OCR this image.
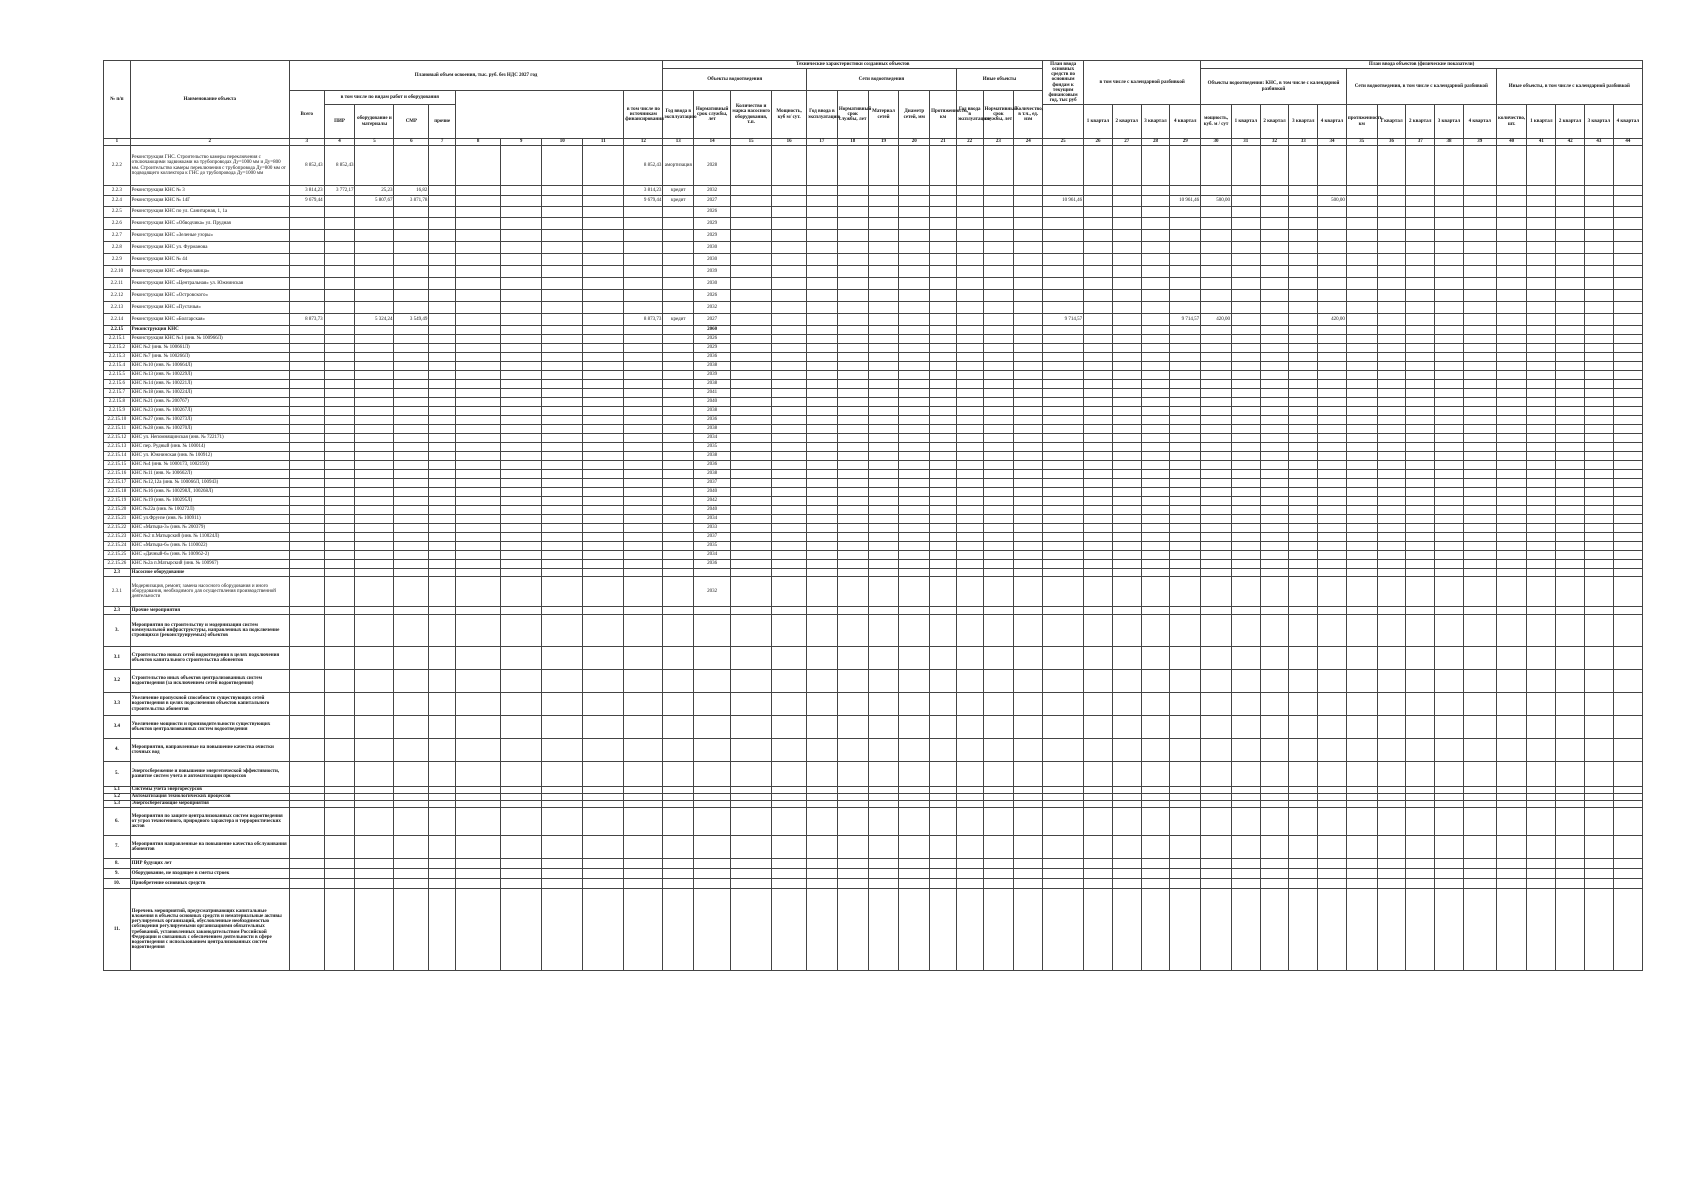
№ п/п	Наименование объекта	Плановый объем освоения, тыс. руб. без НДС 2027 год										Технические характеристики созданных объектов												План ввода основных средств по основным фондам к текущим финансовым год, тыс руб	в том числе с календарной разбивкой				План ввода объектов (физические показатели)														
												Объекты водоотведения				Сети водоотведения					Иные объекты								Объекты водоотведения: КНС, в том числе с календарной разбивкой					Сети водоотведения, в том числе с календарной разбивкой					Иные объекты, в том числе с календарной разбивкой				
		Всего	в том числе по видам работ и оборудования								в том числе по источникам финансирования	Год ввода в эксплуатацию	Нормативный срок службы, лет	Количество и марка насосного оборудования, т.п.	Мощность, куб м/ сут.	Год ввода в эксплуатацию	Нормативный срок службы, лет	Материал сетей	Диаметр сетей, мм	Протяженность, км	Год ввода в эксплуатацию	Нормативный срок службы, лет	Количество, в т.ч., ед. изм																				
			ПИР	оборудование и материалы	СМР	прочие																			1 квартал	2 квартал	3 квартал	4 квартал	мощность, куб. м / сут	1 квартал	2 квартал	3 квартал	4 квартал	протяженность, км	1 квартал	2 квартал	3 квартал	4 квартал	количество, шт.	1 квартал	2 квартал	3 квартал	4 квартал
1	2	3	4	5	6	7	8	9	10	11	12	13	14	15	16	17	18	19	20	21	22	23	24	25	26	27	28	29	30	31	32	33	34	35	36	37	38	39	40	41	42	43	44
2.2.2	Реконструкция ГНС. Строительство камеры переключения с отключающими задвижками на трубопроводах Ду=1000 мм и Ду=800 мм. Строительство камеры переключения с трубопровода Ду=800 мм от подводящего коллектора к ГНС до трубопровода Ду=1000 мм	8 852,43	8 852,43								8 852,43	амортизация	2028																														
2.2.3	Реконструкция КНС № 3	3 814,23	3 772,17	25,23	16,82						3 814,23	кредит	2032																														
2.2.4	Реконструкция КНС № 14Г	9 679,44		5 807,67	3 871,78						9 679,44	кредит	2027											10 961,46				10 961,46	500,00				500,00										
2.2.5	Реконструкция КНС по ул. Санитарная, 1, 1а												2026																														
2.2.6	Реконструкция КНС «Обводчика» ул. Прудная												2029																														
2.2.7	Реконструкция КНС «Зеленые узоры»												2029																														
2.2.8	Реконструкция КНС ул. Фурманова												2030																														
2.2.9	Реконструкция КНС № 44												2030																														
2.2.10	Реконструкция КНС «Ферролавица»												2039																														
2.2.11	Реконструкция КНС «Центральная» ул. Южнинская												2030																														
2.2.12	Реконструкция КНС «Островского»												2026																														
2.2.13	Реконструкция КНС «Пустачья»												2032																														
2.2.14	Реконструкция КНС «Болгарская»	8 873,73		5 324,24	3 549,49						8 873,73	кредит	2027											9 714,57				9 714,57	420,00				420,00										
2.2.15	Реконструкция КНС												2060																														
2.2.15.1	Реконструкция КНС №1 (инв. № 100966Л)												2026																														
2.2.15.2	КНС №2 (инв. № 100661Л)												2029																														
2.2.15.3	КНС №7 (инв. № 100266Л)												2036																														
2.2.15.4	КНС №10 (инв. № 100664Л)												2038																														
2.2.15.5	КНС №13 (инв. № 100229Л)												2039																														
2.2.15.6	КНС №14 (инв. № 100221Л)												2038																														
2.2.15.7	КНС №18 (инв. № 100224Л)												2041																														
2.2.15.8	КНС №21 (инв. № 200767)												2040																														
2.2.15.9	КНС №23 (инв. № 100267Л)												2038																														
2.2.15.10	КНС №27 (инв. № 100273Л)												2036																														
2.2.15.11	КНС №28 (инв. № 100270Л)												2038																														
2.2.15.12	КНС ул. Непомнящинская (инв. № 722171)												2034																														
2.2.15.13	КНС пер. Рудный (инв. № 100014)												2035																														
2.2.15.14	КНС ул. Южнинская (инв. № 100912)												2038																														
2.2.15.15	КНС №4 (инв. № 1000173, 1002193)												2036																														
2.2.15.16	КНС №11 (инв. № 100662Л)												2038																														
2.2.15.17	КНС №12,12а (инв. № 100066Л, 100943)												2037																														
2.2.15.18	КНС №16 (инв. № 100298Л, 100268Л)												2040																														
2.2.15.19	КНС №19 (инв. № 100295Л)												2042																														
2.2.15.20	КНС №22а (инв. № 100272Л)												2040																														
2.2.15.21	КНС ул.Фрунзе (инв. № 100911)												2034																														
2.2.15.22	КНС «Матыра-3» (инв. № 200379)												2033																														
2.2.15.23	КНС №2 п.Матырский (инв. № 110024Л)												2037																														
2.2.15.24	КНС «Матыра-6» (инв. № 1100022)												2035																														
2.2.15.25	КНС «Дачный-6» (инв. № 100962-2)												2034																														
2.2.15.26	КНС №2а п.Матырский (инв. № 100967)												2036																														
2.3	Насосное оборудование																																										
2.3.1	Модернизация, ремонт, замена насосного оборудования и иного оборудования, необходимого для осуществления производственной деятельности												2032																														
2.3	Прочие мероприятия																																										
3.	Мероприятия по строительству и модернизации систем коммунальной инфраструктуры, направленных на подключение строящихся (реконструируемых) объектов																																										
3.1	Строительство новых сетей водоотведения в целях подключения объектов капитального строительства абонентов																																										
3.2	Строительство иных объектов централизованных систем водоотведения (за исключением сетей водоотведения)																																										
3.3	Увеличение пропускной способности существующих сетей водоотведения в целях подключения объектов капитального строительства абонентов																																										
3.4	Увеличение мощности и производительности существующих объектов централизованных систем водоотведения																																										
4.	Мероприятия, направленные на повышение качества очистки сточных вод																																										
5.	Энергосбережение и повышение энергетической эффективности, развитие систем учета и автоматизации процессов																																										
5.1	Системы учета энергоресурсов																																										
5.2	Автоматизация технологических процессов																																										
5.3	Энергосберегающие мероприятия																																										
6.	Мероприятия по защите централизованных систем водоотведения от угроз техногенного, природного характера и террористических актов																																										
7.	Мероприятия направленные на повышение качества обслуживания абонентов																																										
8.	ПИР будущих лет																																										
9.	Оборудование, не входящее в сметы строек																																										
10.	Приобретение основных средств																																										
11.	Перечень мероприятий, предусматривающих капитальные вложения в объекты основных средств и нематериальные активы регулируемых организаций, обусловленные необходимостью соблюдения регулируемыми организациями обязательных требований, установленных законодательством Российской Федерации и связанных с обеспечением деятельности в сфере водоотведения с использованием централизованных систем водоотведения																																										
